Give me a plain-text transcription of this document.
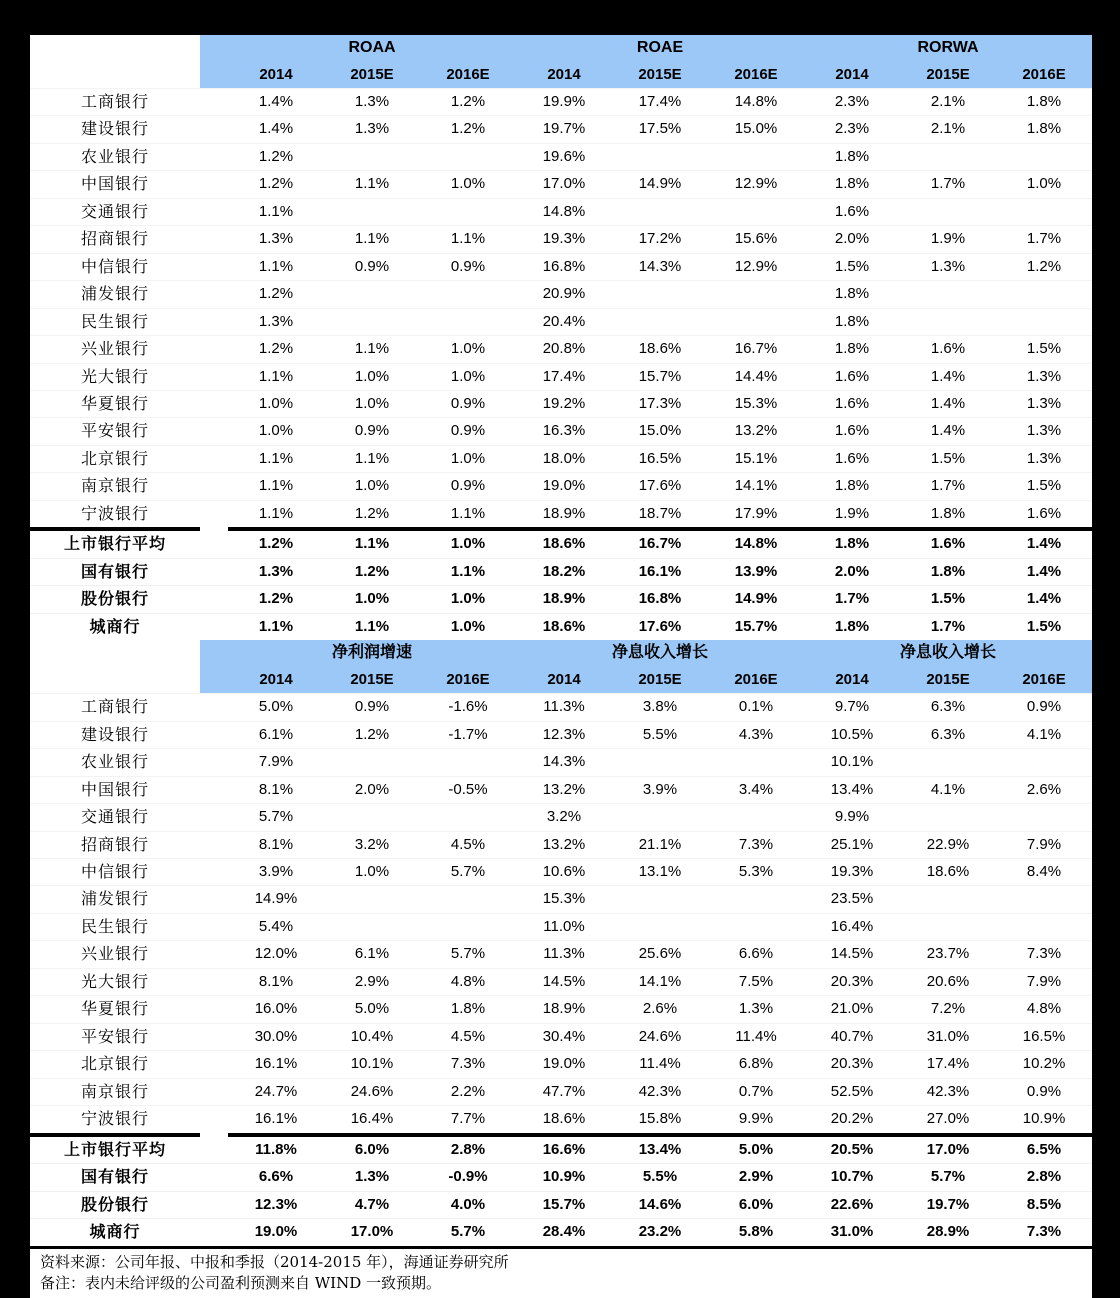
		ROAA			ROAE			RORWA		
		2014	2015E	2016E	2014	2015E	2016E	2014	2015E	2016E
工商银行		1.4%	1.3%	1.2%	19.9%	17.4%	14.8%	2.3%	2.1%	1.8%
建设银行		1.4%	1.3%	1.2%	19.7%	17.5%	15.0%	2.3%	2.1%	1.8%
农业银行		1.2%			19.6%			1.8%		
中国银行		1.2%	1.1%	1.0%	17.0%	14.9%	12.9%	1.8%	1.7%	1.0%
交通银行		1.1%			14.8%			1.6%		
招商银行		1.3%	1.1%	1.1%	19.3%	17.2%	15.6%	2.0%	1.9%	1.7%
中信银行		1.1%	0.9%	0.9%	16.8%	14.3%	12.9%	1.5%	1.3%	1.2%
浦发银行		1.2%			20.9%			1.8%		
民生银行		1.3%			20.4%			1.8%		
兴业银行		1.2%	1.1%	1.0%	20.8%	18.6%	16.7%	1.8%	1.6%	1.5%
光大银行		1.1%	1.0%	1.0%	17.4%	15.7%	14.4%	1.6%	1.4%	1.3%
华夏银行		1.0%	1.0%	0.9%	19.2%	17.3%	15.3%	1.6%	1.4%	1.3%
平安银行		1.0%	0.9%	0.9%	16.3%	15.0%	13.2%	1.6%	1.4%	1.3%
北京银行		1.1%	1.1%	1.0%	18.0%	16.5%	15.1%	1.6%	1.5%	1.3%
南京银行		1.1%	1.0%	0.9%	19.0%	17.6%	14.1%	1.8%	1.7%	1.5%
宁波银行		1.1%	1.2%	1.1%	18.9%	18.7%	17.9%	1.9%	1.8%	1.6%
上市银行平均		1.2%	1.1%	1.0%	18.6%	16.7%	14.8%	1.8%	1.6%	1.4%
国有银行		1.3%	1.2%	1.1%	18.2%	16.1%	13.9%	2.0%	1.8%	1.4%
股份银行		1.2%	1.0%	1.0%	18.9%	16.8%	14.9%	1.7%	1.5%	1.4%
城商行		1.1%	1.1%	1.0%	18.6%	17.6%	15.7%	1.8%	1.7%	1.5%
		净利润增速			净息收入增长			净息收入增长		
		2014	2015E	2016E	2014	2015E	2016E	2014	2015E	2016E
工商银行		5.0%	0.9%	-1.6%	11.3%	3.8%	0.1%	9.7%	6.3%	0.9%
建设银行		6.1%	1.2%	-1.7%	12.3%	5.5%	4.3%	10.5%	6.3%	4.1%
农业银行		7.9%			14.3%			10.1%		
中国银行		8.1%	2.0%	-0.5%	13.2%	3.9%	3.4%	13.4%	4.1%	2.6%
交通银行		5.7%			3.2%			9.9%		
招商银行		8.1%	3.2%	4.5%	13.2%	21.1%	7.3%	25.1%	22.9%	7.9%
中信银行		3.9%	1.0%	5.7%	10.6%	13.1%	5.3%	19.3%	18.6%	8.4%
浦发银行		14.9%			15.3%			23.5%		
民生银行		5.4%			11.0%			16.4%		
兴业银行		12.0%	6.1%	5.7%	11.3%	25.6%	6.6%	14.5%	23.7%	7.3%
光大银行		8.1%	2.9%	4.8%	14.5%	14.1%	7.5%	20.3%	20.6%	7.9%
华夏银行		16.0%	5.0%	1.8%	18.9%	2.6%	1.3%	21.0%	7.2%	4.8%
平安银行		30.0%	10.4%	4.5%	30.4%	24.6%	11.4%	40.7%	31.0%	16.5%
北京银行		16.1%	10.1%	7.3%	19.0%	11.4%	6.8%	20.3%	17.4%	10.2%
南京银行		24.7%	24.6%	2.2%	47.7%	42.3%	0.7%	52.5%	42.3%	0.9%
宁波银行		16.1%	16.4%	7.7%	18.6%	15.8%	9.9%	20.2%	27.0%	10.9%
上市银行平均		11.8%	6.0%	2.8%	16.6%	13.4%	5.0%	20.5%	17.0%	6.5%
国有银行		6.6%	1.3%	-0.9%	10.9%	5.5%	2.9%	10.7%	5.7%	2.8%
股份银行		12.3%	4.7%	4.0%	15.7%	14.6%	6.0%	22.6%	19.7%	8.5%
城商行		19.0%	17.0%	5.7%	28.4%	23.2%	5.8%	31.0%	28.9%	7.3%
资料来源：公司年报、中报和季报（2014-2015 年），海通证券研究所
备注：表内未给评级的公司盈利预测来自 WIND 一致预期。
